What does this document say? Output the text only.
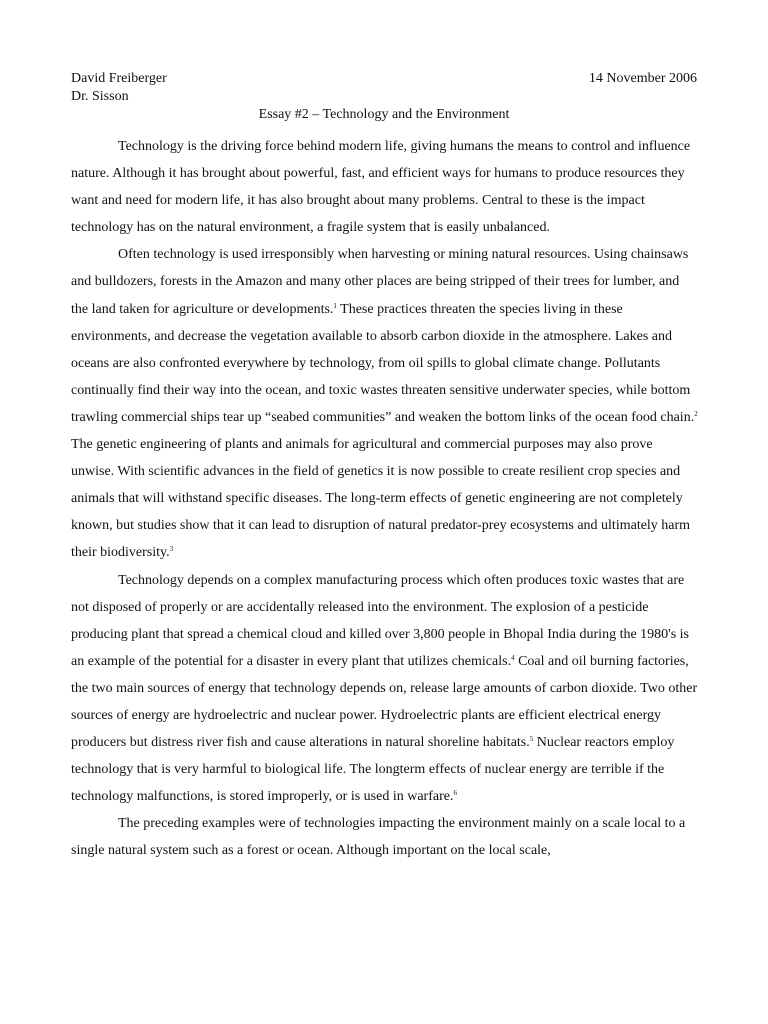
David Freiberger	14 November 2006
Dr. Sisson
Essay #2 – Technology and the Environment

Technology is the driving force behind modern life, giving humans the means to control and influence nature. Although it has brought about powerful, fast, and efficient ways for humans to produce resources they want and need for modern life, it has also brought about many problems. Central to these is the impact technology has on the natural environment, a fragile system that is easily unbalanced.

Often technology is used irresponsibly when harvesting or mining natural resources. Using chainsaws and bulldozers, forests in the Amazon and many other places are being stripped of their trees for lumber, and the land taken for agriculture or developments.$^1$ These practices threaten the species living in these environments, and decrease the vegetation available to absorb carbon dioxide in the atmosphere. Lakes and oceans are also confronted everywhere by technology, from oil spills to global climate change. Pollutants continually find their way into the ocean, and toxic wastes threaten sensitive underwater species, while bottom trawling commercial ships tear up “seabed communities” and weaken the bottom links of the ocean food chain.$^2$ The genetic engineering of plants and animals for agricultural and commercial purposes may also prove unwise. With scientific advances in the field of genetics it is now possible to create resilient crop species and animals that will withstand specific diseases. The long-term effects of genetic engineering are not completely known, but studies show that it can lead to disruption of natural predator-prey ecosystems and ultimately harm their biodiversity.$^3$

Technology depends on a complex manufacturing process which often produces toxic wastes that are not disposed of properly or are accidentally released into the environment. The explosion of a pesticide producing plant that spread a chemical cloud and killed over 3,800 people in Bhopal India during the 1980's is an example of the potential for a disaster in every plant that utilizes chemicals.$^4$ Coal and oil burning factories, the two main sources of energy that technology depends on, release large amounts of carbon dioxide. Two other sources of energy are hydroelectric and nuclear power. Hydroelectric plants are efficient electrical energy producers but distress river fish and cause alterations in natural shoreline habitats.$^5$ Nuclear reactors employ technology that is very harmful to biological life. The longterm effects of nuclear energy are terrible if the technology malfunctions, is stored improperly, or is used in warfare.$^6$

The preceding examples were of technologies impacting the environment mainly on a scale local to a single natural system such as a forest or ocean. Although important on the local scale,
